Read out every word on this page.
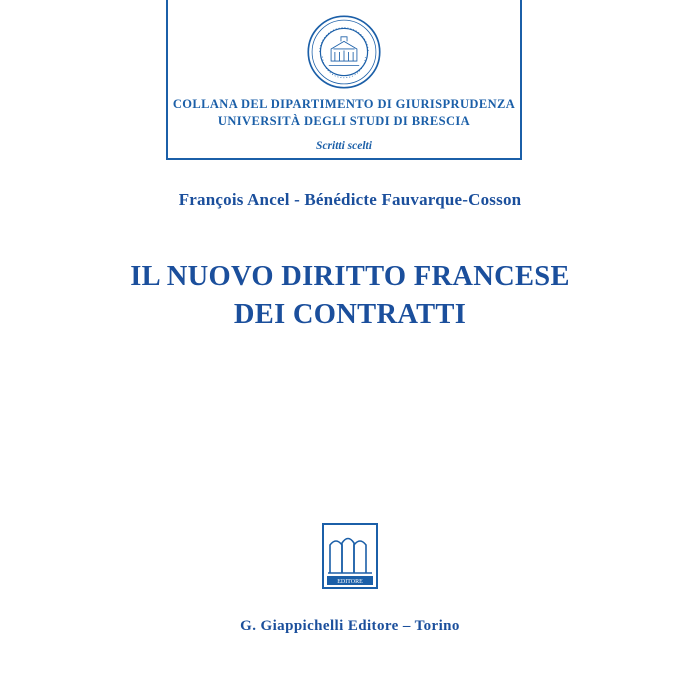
COLLANA DEL DIPARTIMENTO DI GIURISPRUDENZA
UNIVERSITÀ DEGLI STUDI DI BRESCIA
Scritti scelti
François Ancel - Bénédicte Fauvarque-Cosson
IL NUOVO DIRITTO FRANCESE
DEI CONTRATTI
EDITORE
G. Giappichelli Editore – Torino
